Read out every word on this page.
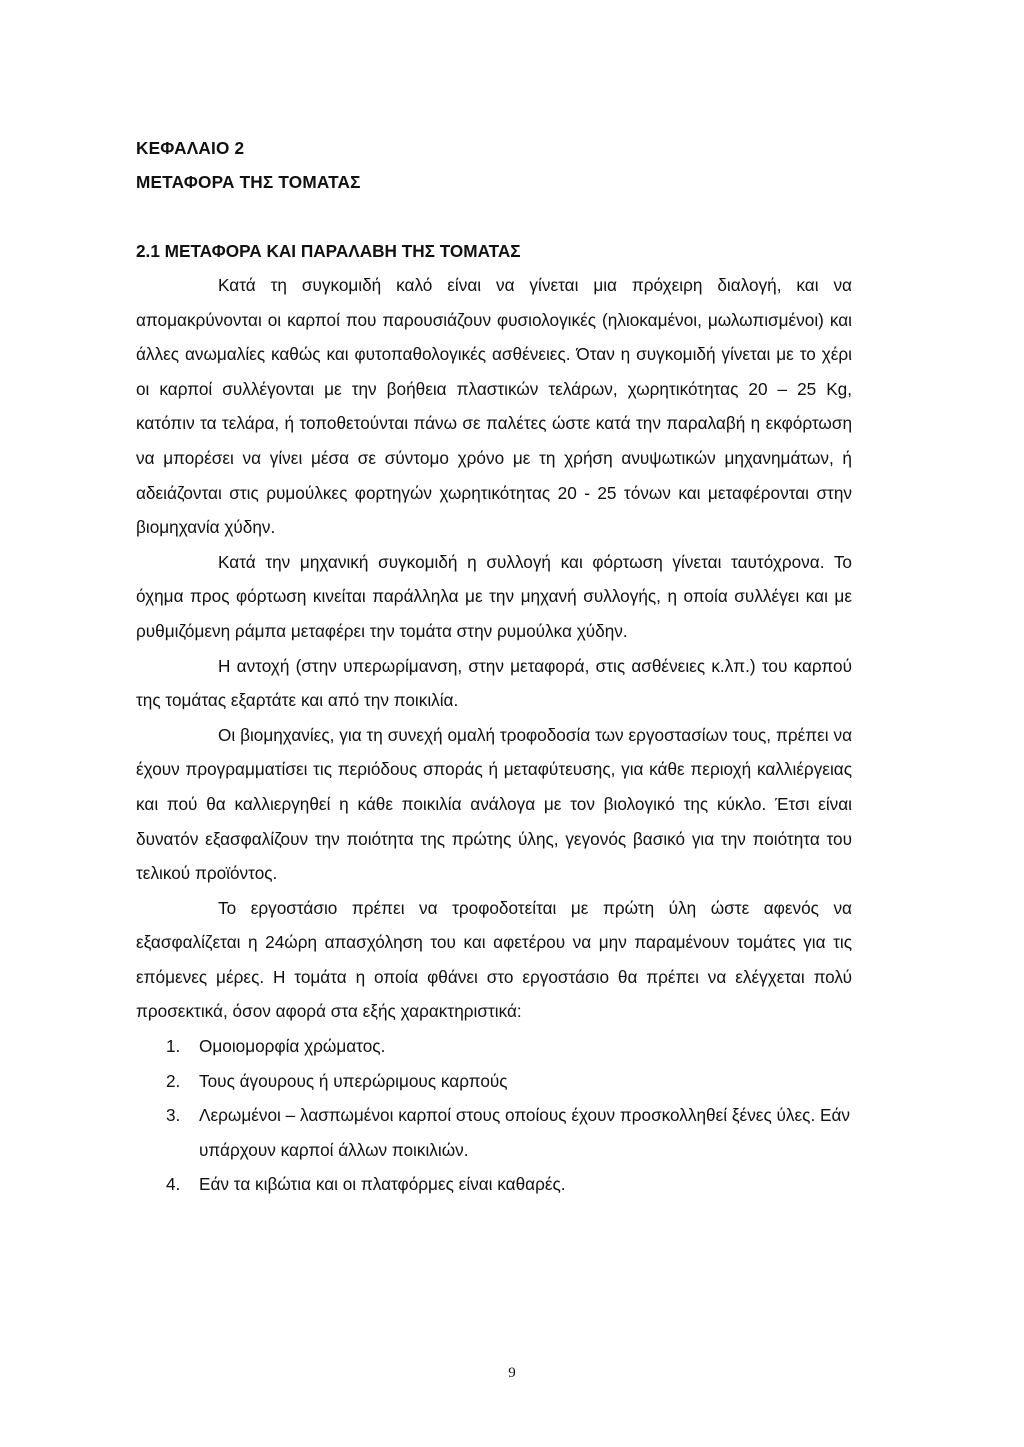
ΚΕΦΑΛΑΙΟ 2
ΜΕΤΑΦΟΡΑ ΤΗΣ ΤΟΜΑΤΑΣ
2.1 ΜΕΤΑΦΟΡΑ ΚΑΙ ΠΑΡΑΛΑΒΗ ΤΗΣ ΤΟΜΑΤΑΣ

Κατά τη συγκομιδή καλό είναι να γίνεται μια πρόχειρη διαλογή, και να απομακρύνονται οι καρποί που παρουσιάζουν φυσιολογικές (ηλιοκαμένοι, μωλωπισμένοι) και άλλες ανωμαλίες καθώς και φυτοπαθολογικές ασθένειες. Όταν η συγκομιδή γίνεται με το χέρι οι καρποί συλλέγονται με την βοήθεια πλαστικών τελάρων, χωρητικότητας 20 – 25 Kg, κατόπιν τα τελάρα, ή τοποθετούνται πάνω σε παλέτες ώστε κατά την παραλαβή η εκφόρτωση να μπορέσει να γίνει μέσα σε σύντομο χρόνο με τη χρήση ανυψωτικών μηχανημάτων, ή αδειάζονται στις ρυμούλκες φορτηγών χωρητικότητας 20 - 25 τόνων και μεταφέρονται στην βιομηχανία χύδην.

Κατά την μηχανική συγκομιδή η συλλογή και φόρτωση γίνεται ταυτόχρονα. Το όχημα προς φόρτωση κινείται παράλληλα με την μηχανή συλλογής, η οποία συλλέγει και με ρυθμιζόμενη ράμπα μεταφέρει την τομάτα στην ρυμούλκα χύδην.

Η αντοχή (στην υπερωρίμανση, στην μεταφορά, στις ασθένειες κ.λπ.) του καρπού της τομάτας εξαρτάτε και από την ποικιλία.

Οι βιομηχανίες, για τη συνεχή ομαλή τροφοδοσία των εργοστασίων τους, πρέπει να έχουν προγραμματίσει τις περιόδους σποράς ή μεταφύτευσης, για κάθε περιοχή καλλιέργειας και πού θα καλλιεργηθεί η κάθε ποικιλία ανάλογα με τον βιολογικό της κύκλο. Έτσι είναι δυνατόν εξασφαλίζουν την ποιότητα της πρώτης ύλης, γεγονός βασικό για την ποιότητα του τελικού προϊόντος.

Το εργοστάσιο πρέπει να τροφοδοτείται με πρώτη ύλη ώστε αφενός να εξασφαλίζεται η 24ώρη απασχόληση του και αφετέρου να μην παραμένουν τομάτες για τις επόμενες μέρες. Η τομάτα η οποία φθάνει στο εργοστάσιο θα πρέπει να ελέγχεται πολύ προσεκτικά, όσον αφορά στα εξής χαρακτηριστικά:

1. Ομοιομορφία χρώματος.
2. Τους άγουρους ή υπερώριμους καρπούς
3. Λερωμένοι – λασπωμένοι καρποί στους οποίους έχουν προσκολληθεί ξένες ύλες. Εάν υπάρχουν καρποί άλλων ποικιλιών.
4. Εάν τα κιβώτια και οι πλατφόρμες είναι καθαρές.
9
